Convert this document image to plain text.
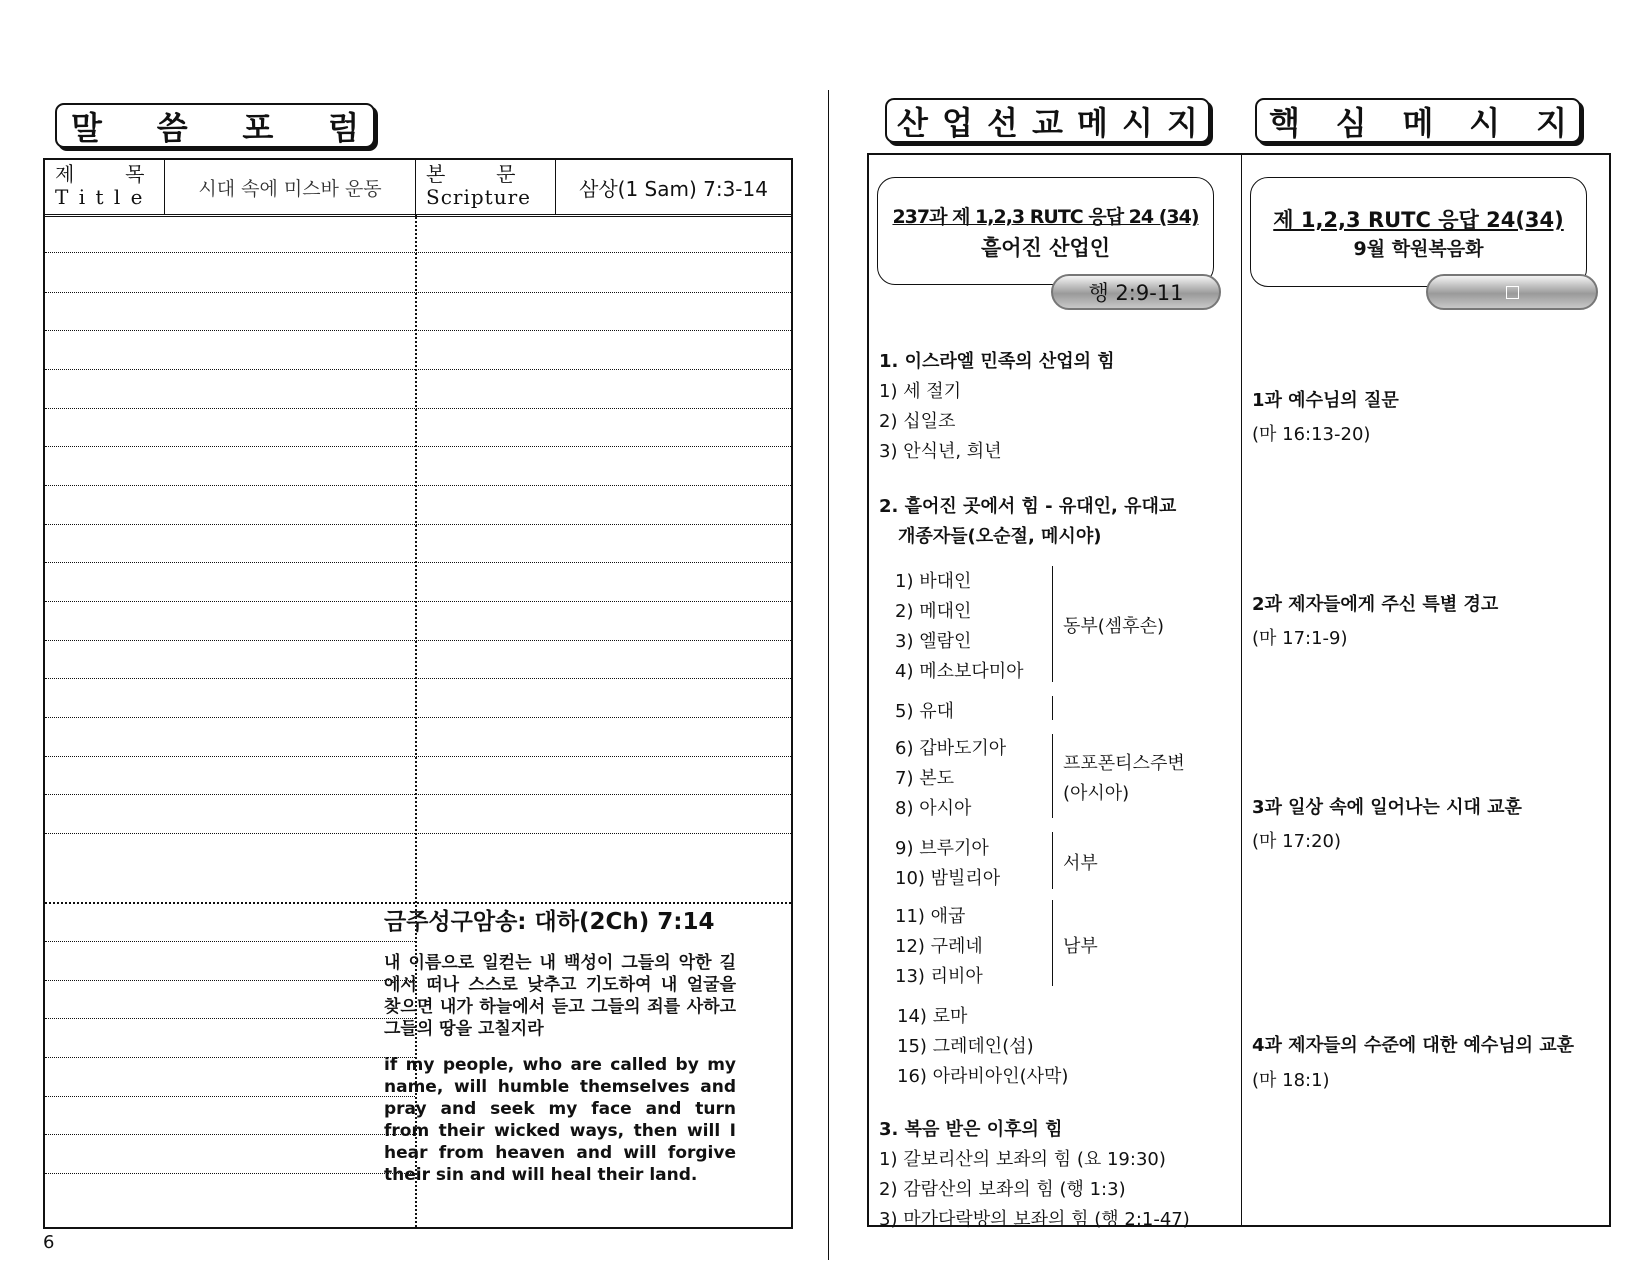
말 씀 포 럼
제        목
T i t l e	시대 속에 미스바 운동
본        문
Scripture	삼상(1 Sam) 7:3-14
금주성구암송: 대하(2Ch) 7:14
내 이름으로 일컫는 내 백성이 그들의 악한 길에서 떠나 스스로 낮추고 기도하여 내 얼굴을 찾으면 내가 하늘에서 듣고 그들의 죄를 사하고 그들의 땅을 고칠지라
if my people, who are called by my name, will humble themselves and pray and seek my face and turn from their wicked ways, then will I hear from heaven and will forgive their sin and will heal their land.
6
산 업 선 교 메 시 지 핵 심 메 시 지
237과 제 1,2,3 RUTC 응답 24 (34)
흩어진 산업인
행 2:9-11
제 1,2,3 RUTC 응답 24(34)
9월 학원복음화
1. 이스라엘 민족의 산업의 힘
1) 세 절기
2) 십일조
3) 안식년, 희년
2. 흩어진 곳에서 힘 - 유대인, 유대교
개종자들(오순절, 메시야)
1) 바대인
2) 메대인
3) 엘람인
4) 메소보다미아
동부(셈후손)
5) 유대
6) 갑바도기아
7) 본도
8) 아시아
프포폰티스주변
(아시아)
9) 브루기아
10) 밤빌리아
서부
11) 애굽
12) 구레네
13) 리비아
남부
14) 로마
15) 그레데인(섬)
16) 아라비아인(사막)
3. 복음 받은 이후의 힘
1) 갈보리산의 보좌의 힘 (요 19:30)
2) 감람산의 보좌의 힘 (행 1:3)
3) 마가다락방의 보좌의 힘 (행 2:1-47)
1과 예수님의 질문
(마 16:13-20)
2과 제자들에게 주신 특별 경고
(마 17:1-9)
3과 일상 속에 일어나는 시대 교훈
(마 17:20)
4과 제자들의 수준에 대한 예수님의 교훈
(마 18:1)
